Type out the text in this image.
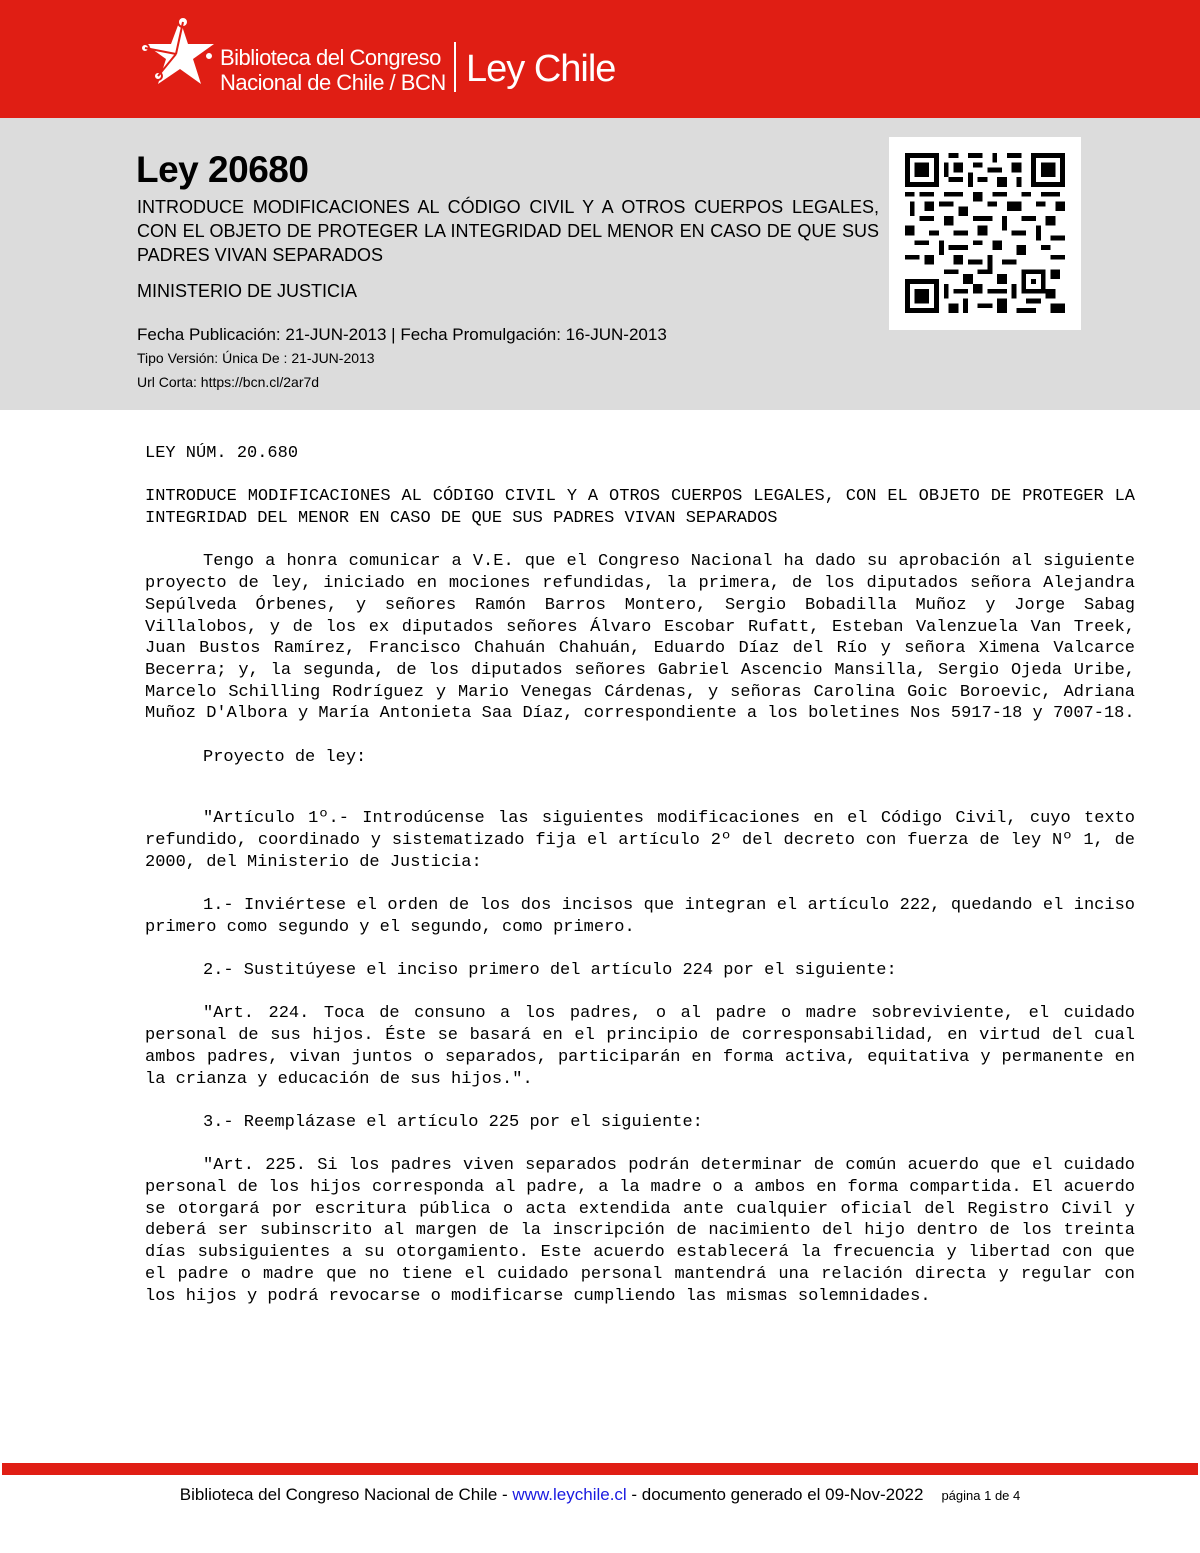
Biblioteca del Congreso
Nacional de Chile / BCN Ley Chile
Ley 20680
INTRODUCE MODIFICACIONES AL CÓDIGO CIVIL Y A OTROS CUERPOS LEGALES, CON EL OBJETO DE PROTEGER LA INTEGRIDAD DEL MENOR EN CASO DE QUE SUS PADRES VIVAN SEPARADOS
MINISTERIO DE JUSTICIA
Fecha Publicación: 21-JUN-2013 | Fecha Promulgación: 16-JUN-2013
Tipo Versión: Única De : 21-JUN-2013
Url Corta: https://bcn.cl/2ar7d

LEY NÚM. 20.680

INTRODUCE MODIFICACIONES AL CÓDIGO CIVIL Y A OTROS CUERPOS LEGALES, CON EL OBJETO DE PROTEGER LA INTEGRIDAD DEL MENOR EN CASO DE QUE SUS PADRES VIVAN SEPARADOS

Tengo a honra comunicar a V.E. que el Congreso Nacional ha dado su aprobación al siguiente proyecto de ley, iniciado en mociones refundidas, la primera, de los diputados señora Alejandra Sepúlveda Órbenes, y señores Ramón Barros Montero, Sergio Bobadilla Muñoz y Jorge Sabag Villalobos, y de los ex diputados señores Álvaro Escobar Rufatt, Esteban Valenzuela Van Treek, Juan Bustos Ramírez, Francisco Chahuán Chahuán, Eduardo Díaz del Río y señora Ximena Valcarce Becerra; y, la segunda, de los diputados señores Gabriel Ascencio Mansilla, Sergio Ojeda Uribe, Marcelo Schilling Rodríguez y Mario Venegas Cárdenas, y señoras Carolina Goic Boroevic, Adriana Muñoz D'Albora y María Antonieta Saa Díaz, correspondiente a los boletines Nos 5917-18 y 7007-18.

Proyecto de ley:

"Artículo 1º.- Introdúcense las siguientes modificaciones en el Código Civil, cuyo texto refundido, coordinado y sistematizado fija el artículo 2º del decreto con fuerza de ley Nº 1, de 2000, del Ministerio de Justicia:

1.- Inviértese el orden de los dos incisos que integran el artículo 222, quedando el inciso primero como segundo y el segundo, como primero.

2.- Sustitúyese el inciso primero del artículo 224 por el siguiente:

"Art. 224. Toca de consuno a los padres, o al padre o madre sobreviviente, el cuidado personal de sus hijos. Éste se basará en el principio de corresponsabilidad, en virtud del cual ambos padres, vivan juntos o separados, participarán en forma activa, equitativa y permanente en la crianza y educación de sus hijos.".

3.- Reemplázase el artículo 225 por el siguiente:

"Art. 225. Si los padres viven separados podrán determinar de común acuerdo que el cuidado personal de los hijos corresponda al padre, a la madre o a ambos en forma compartida. El acuerdo se otorgará por escritura pública o acta extendida ante cualquier oficial del Registro Civil y deberá ser subinscrito al margen de la inscripción de nacimiento del hijo dentro de los treinta días subsiguientes a su otorgamiento. Este acuerdo establecerá la frecuencia y libertad con que el padre o madre que no tiene el cuidado personal mantendrá una relación directa y regular con los hijos y podrá revocarse o modificarse cumpliendo las mismas solemnidades.

Biblioteca del Congreso Nacional de Chile - www.leychile.cl - documento generado el 09-Nov-2022 página 1 de 4
